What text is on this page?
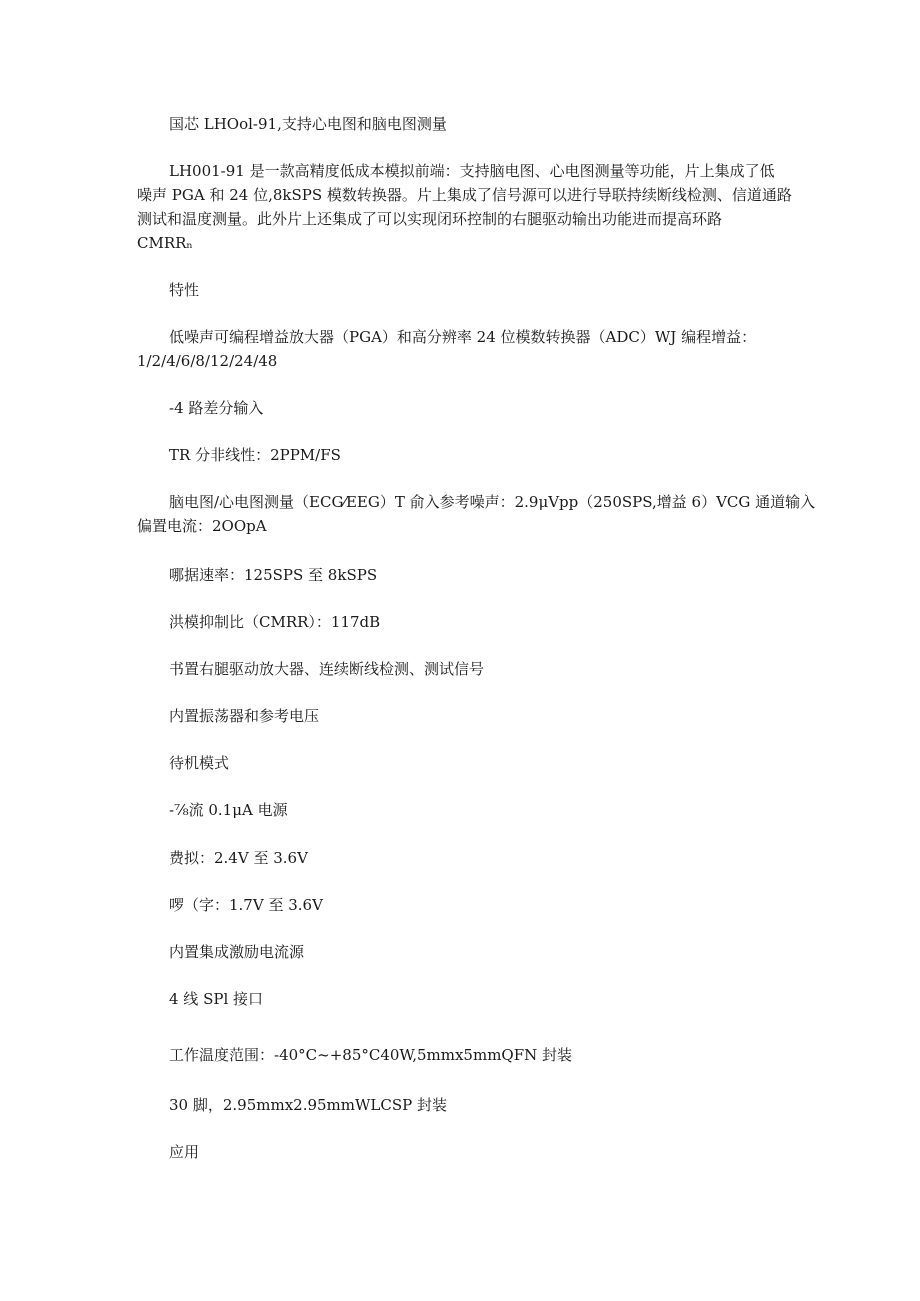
国芯 LHOol-91,支持心电图和脑电图测量
LH001-91 是一款高精度低成本模拟前端：支持脑电图、心电图测量等功能，片上集成了低
噪声 PGA 和 24 位,8kSPS 模数转换器。片上集成了信号源可以进行导联持续断线检测、信道通路
测试和温度测量。此外片上还集成了可以实现闭环控制的右腿驱动输出功能进而提高环路
CMRRₙ
特性
低噪声可编程增益放大器（PGA）和高分辨率 24 位模数转换器（ADC）WJ 编程增益：
1/2/4/6/8/12/24/48
-4 路差分输入
TR 分非线性：2PPM/FS
脑电图/心电图测量（ECG⁄EEG）T 俞入参考噪声：2.9μVpp（250SPS,增益 6）VCG 通道输入
偏置电流：2OOpA
哪据速率：125SPS 至 8kSPS
洪模抑制比（CMRR）：117dB
书置右腿驱动放大器、连续断线检测、测试信号
内置振荡器和参考电压
待机模式
-⅞流 0.1μA 电源
费拟：2.4V 至 3.6V
啰（字：1.7V 至 3.6V
内置集成激励电流源
4 线 SPl 接口
工作温度范围：-40°C~+85°C40W,5mmx5mmQFN 封装
30 脚，2.95mmx2.95mmWLCSP 封装
应用
